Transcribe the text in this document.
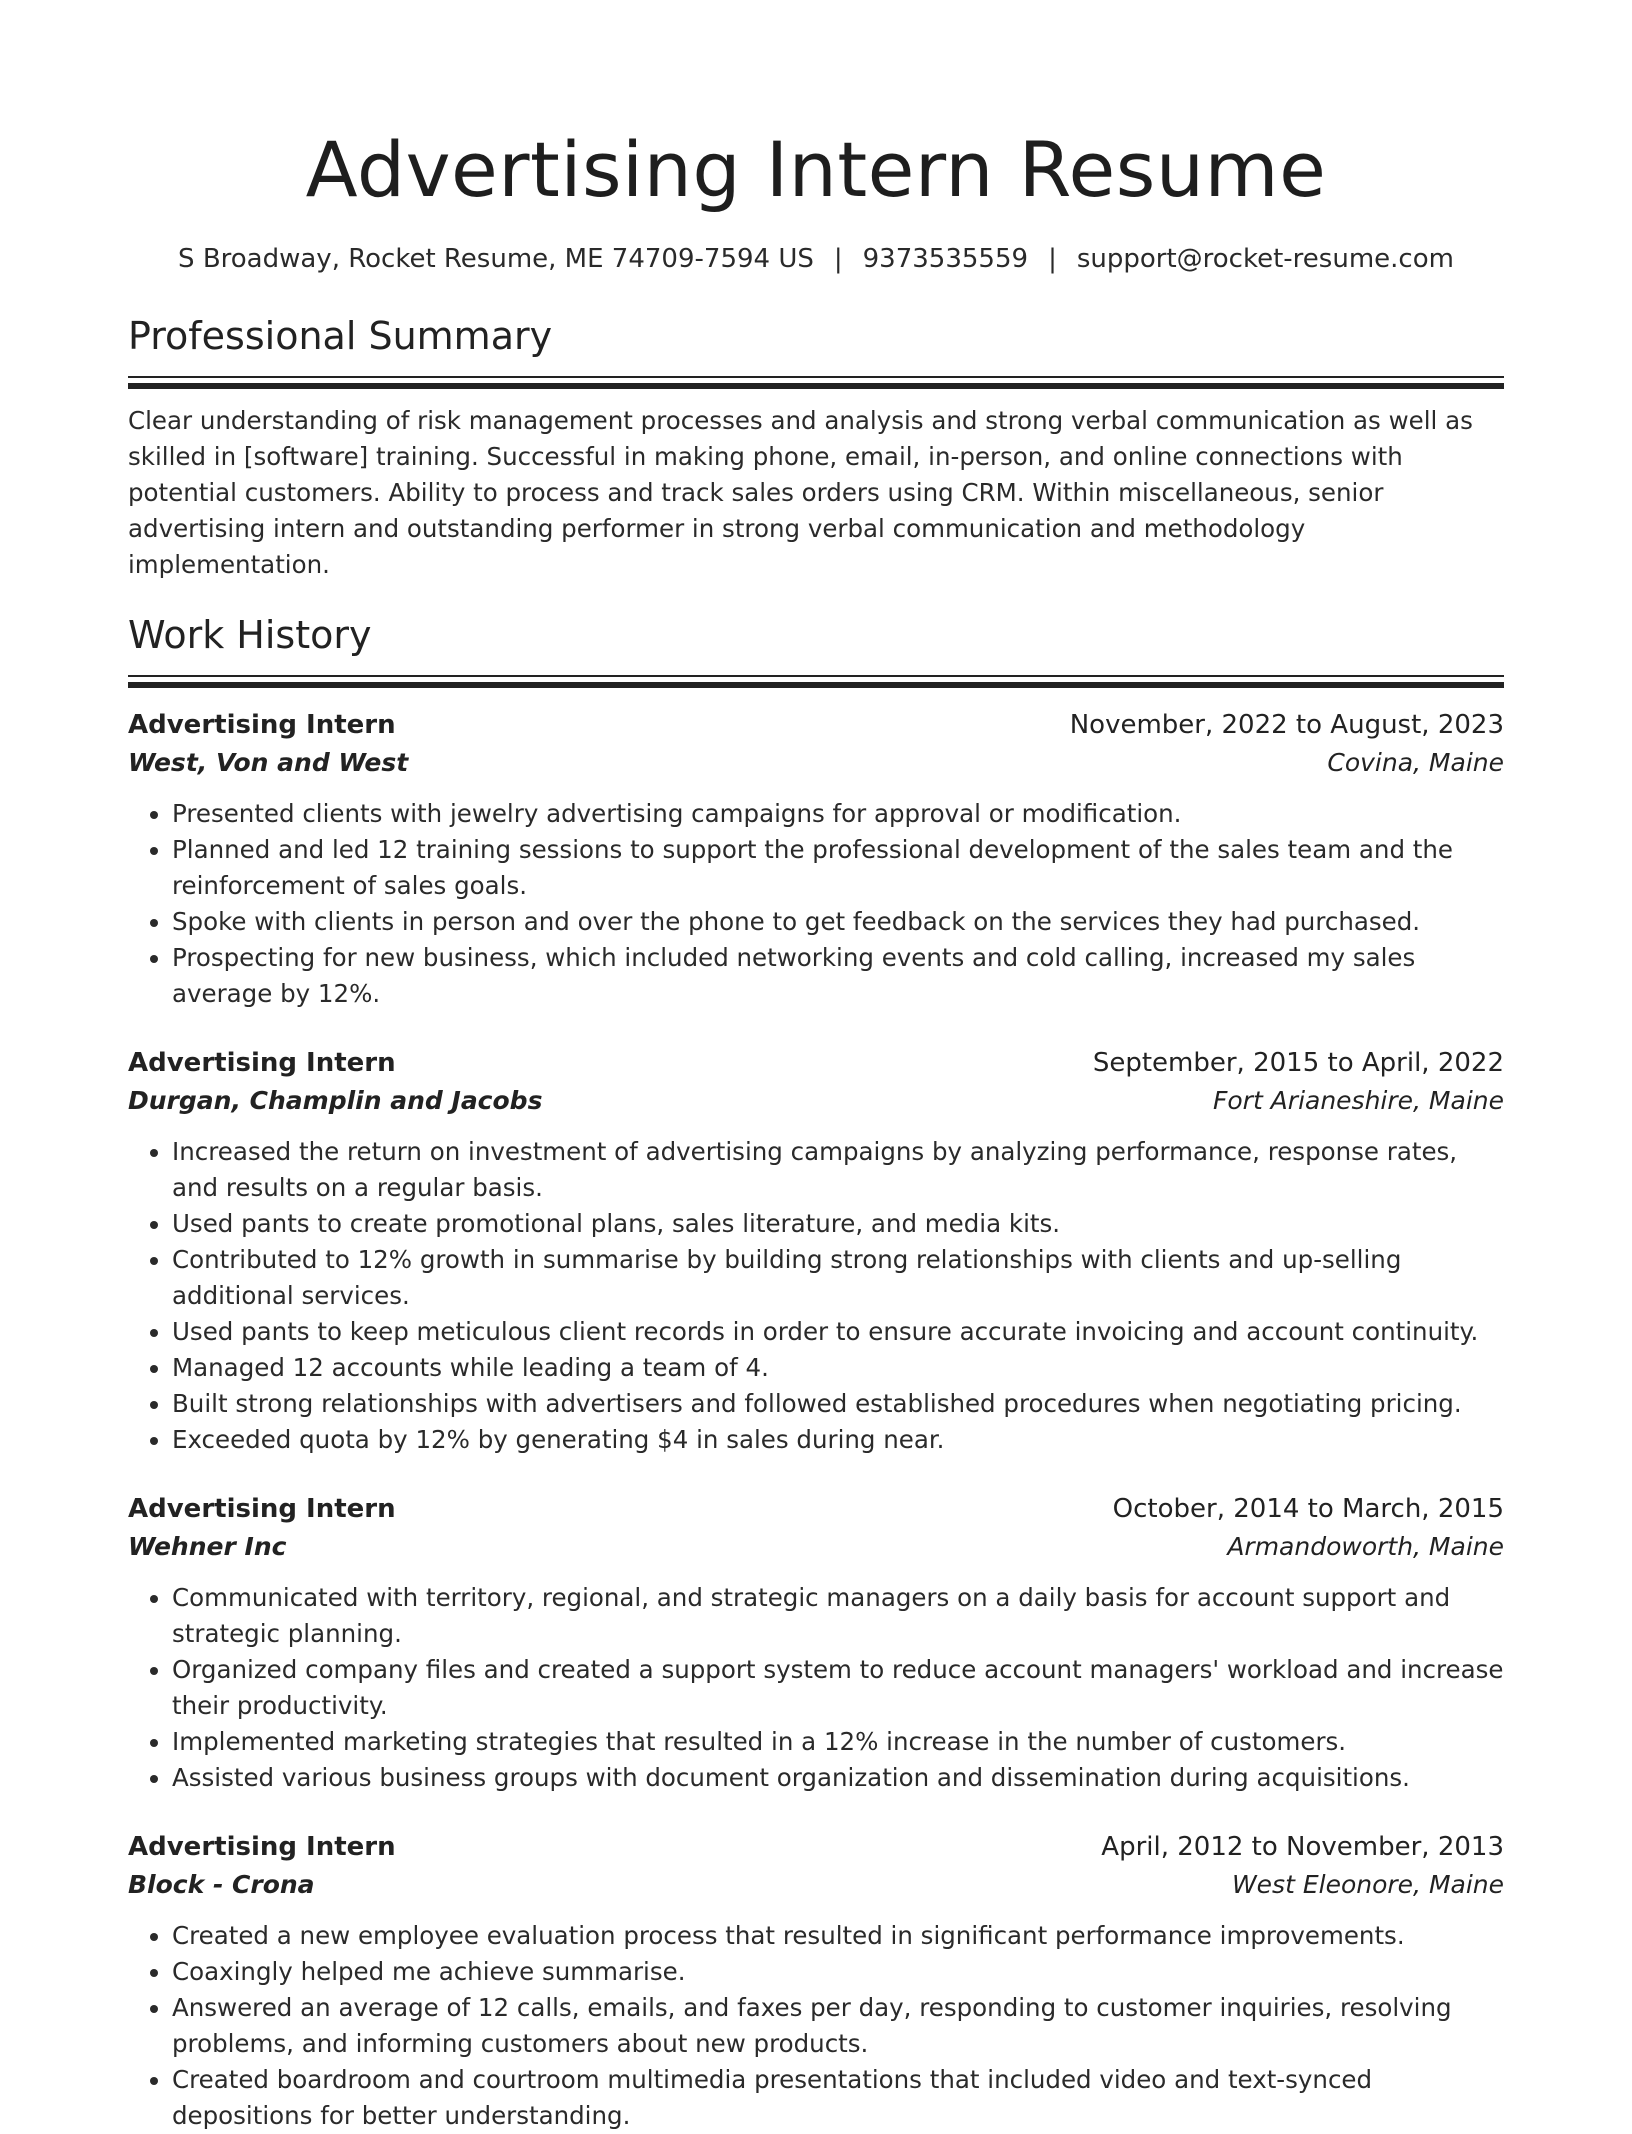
Advertising Intern Resume
S Broadway, Rocket Resume, ME 74709-7594 US | 9373535559 | support@rocket-resume.com
Professional Summary
Clear understanding of risk management processes and analysis and strong verbal communication as well as skilled in [software] training. Successful in making phone, email, in-person, and online connections with potential customers. Ability to process and track sales orders using CRM. Within miscellaneous, senior advertising intern and outstanding performer in strong verbal communication and methodology implementation.
Work History
Advertising Intern	November, 2022 to August, 2023
West, Von and West	Covina, Maine
• Presented clients with jewelry advertising campaigns for approval or modification.
• Planned and led 12 training sessions to support the professional development of the sales team and the reinforcement of sales goals.
• Spoke with clients in person and over the phone to get feedback on the services they had purchased.
• Prospecting for new business, which included networking events and cold calling, increased my sales average by 12%.
Advertising Intern	September, 2015 to April, 2022
Durgan, Champlin and Jacobs	Fort Arianeshire, Maine
• Increased the return on investment of advertising campaigns by analyzing performance, response rates, and results on a regular basis.
• Used pants to create promotional plans, sales literature, and media kits.
• Contributed to 12% growth in summarise by building strong relationships with clients and up-selling additional services.
• Used pants to keep meticulous client records in order to ensure accurate invoicing and account continuity.
• Managed 12 accounts while leading a team of 4.
• Built strong relationships with advertisers and followed established procedures when negotiating pricing.
• Exceeded quota by 12% by generating $4 in sales during near.
Advertising Intern	October, 2014 to March, 2015
Wehner Inc	Armandoworth, Maine
• Communicated with territory, regional, and strategic managers on a daily basis for account support and strategic planning.
• Organized company files and created a support system to reduce account managers' workload and increase their productivity.
• Implemented marketing strategies that resulted in a 12% increase in the number of customers.
• Assisted various business groups with document organization and dissemination during acquisitions.
Advertising Intern	April, 2012 to November, 2013
Block - Crona	West Eleonore, Maine
• Created a new employee evaluation process that resulted in significant performance improvements.
• Coaxingly helped me achieve summarise.
• Answered an average of 12 calls, emails, and faxes per day, responding to customer inquiries, resolving problems, and informing customers about new products.
• Created boardroom and courtroom multimedia presentations that included video and text-synced depositions for better understanding.
